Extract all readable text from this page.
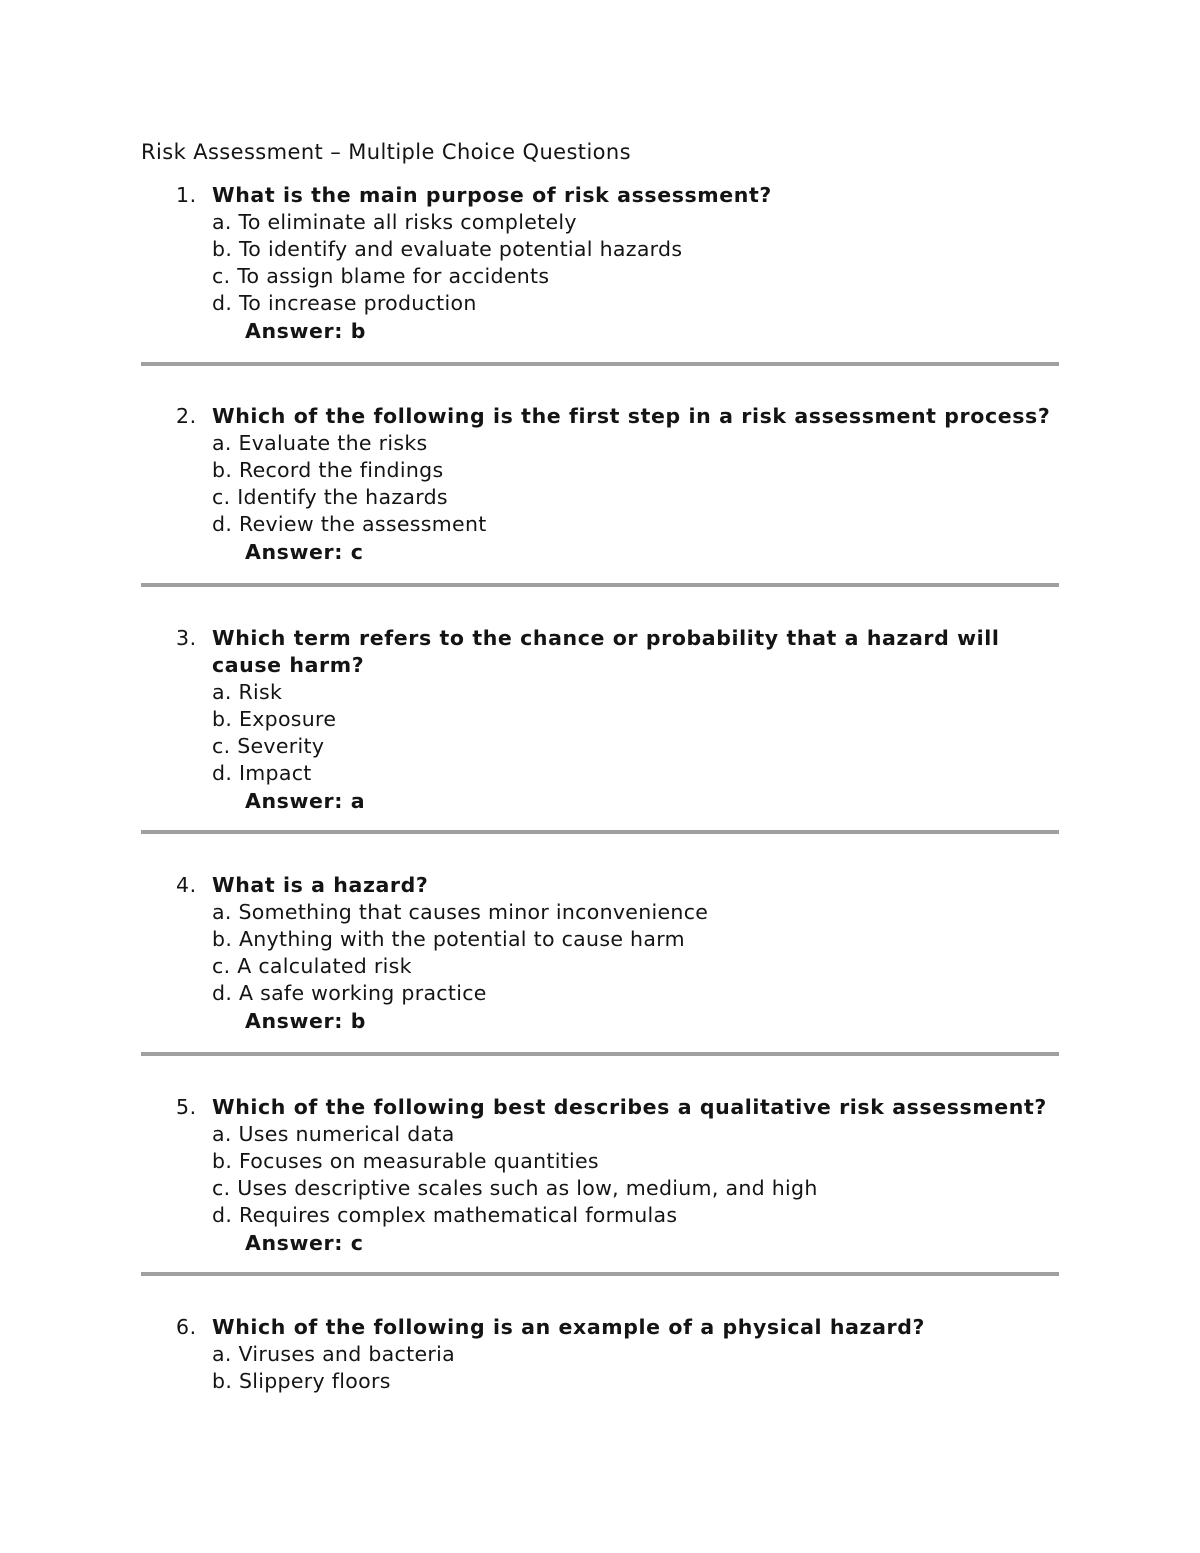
Risk Assessment – Multiple Choice Questions
1. What is the main purpose of risk assessment?
a. To eliminate all risks completely
b. To identify and evaluate potential hazards
c. To assign blame for accidents
d. To increase production
Answer: b
2. Which of the following is the first step in a risk assessment process?
a. Evaluate the risks
b. Record the findings
c. Identify the hazards
d. Review the assessment
Answer: c
3. Which term refers to the chance or probability that a hazard will cause harm?
a. Risk
b. Exposure
c. Severity
d. Impact
Answer: a
4. What is a hazard?
a. Something that causes minor inconvenience
b. Anything with the potential to cause harm
c. A calculated risk
d. A safe working practice
Answer: b
5. Which of the following best describes a qualitative risk assessment?
a. Uses numerical data
b. Focuses on measurable quantities
c. Uses descriptive scales such as low, medium, and high
d. Requires complex mathematical formulas
Answer: c
6. Which of the following is an example of a physical hazard?
a. Viruses and bacteria
b. Slippery floors
